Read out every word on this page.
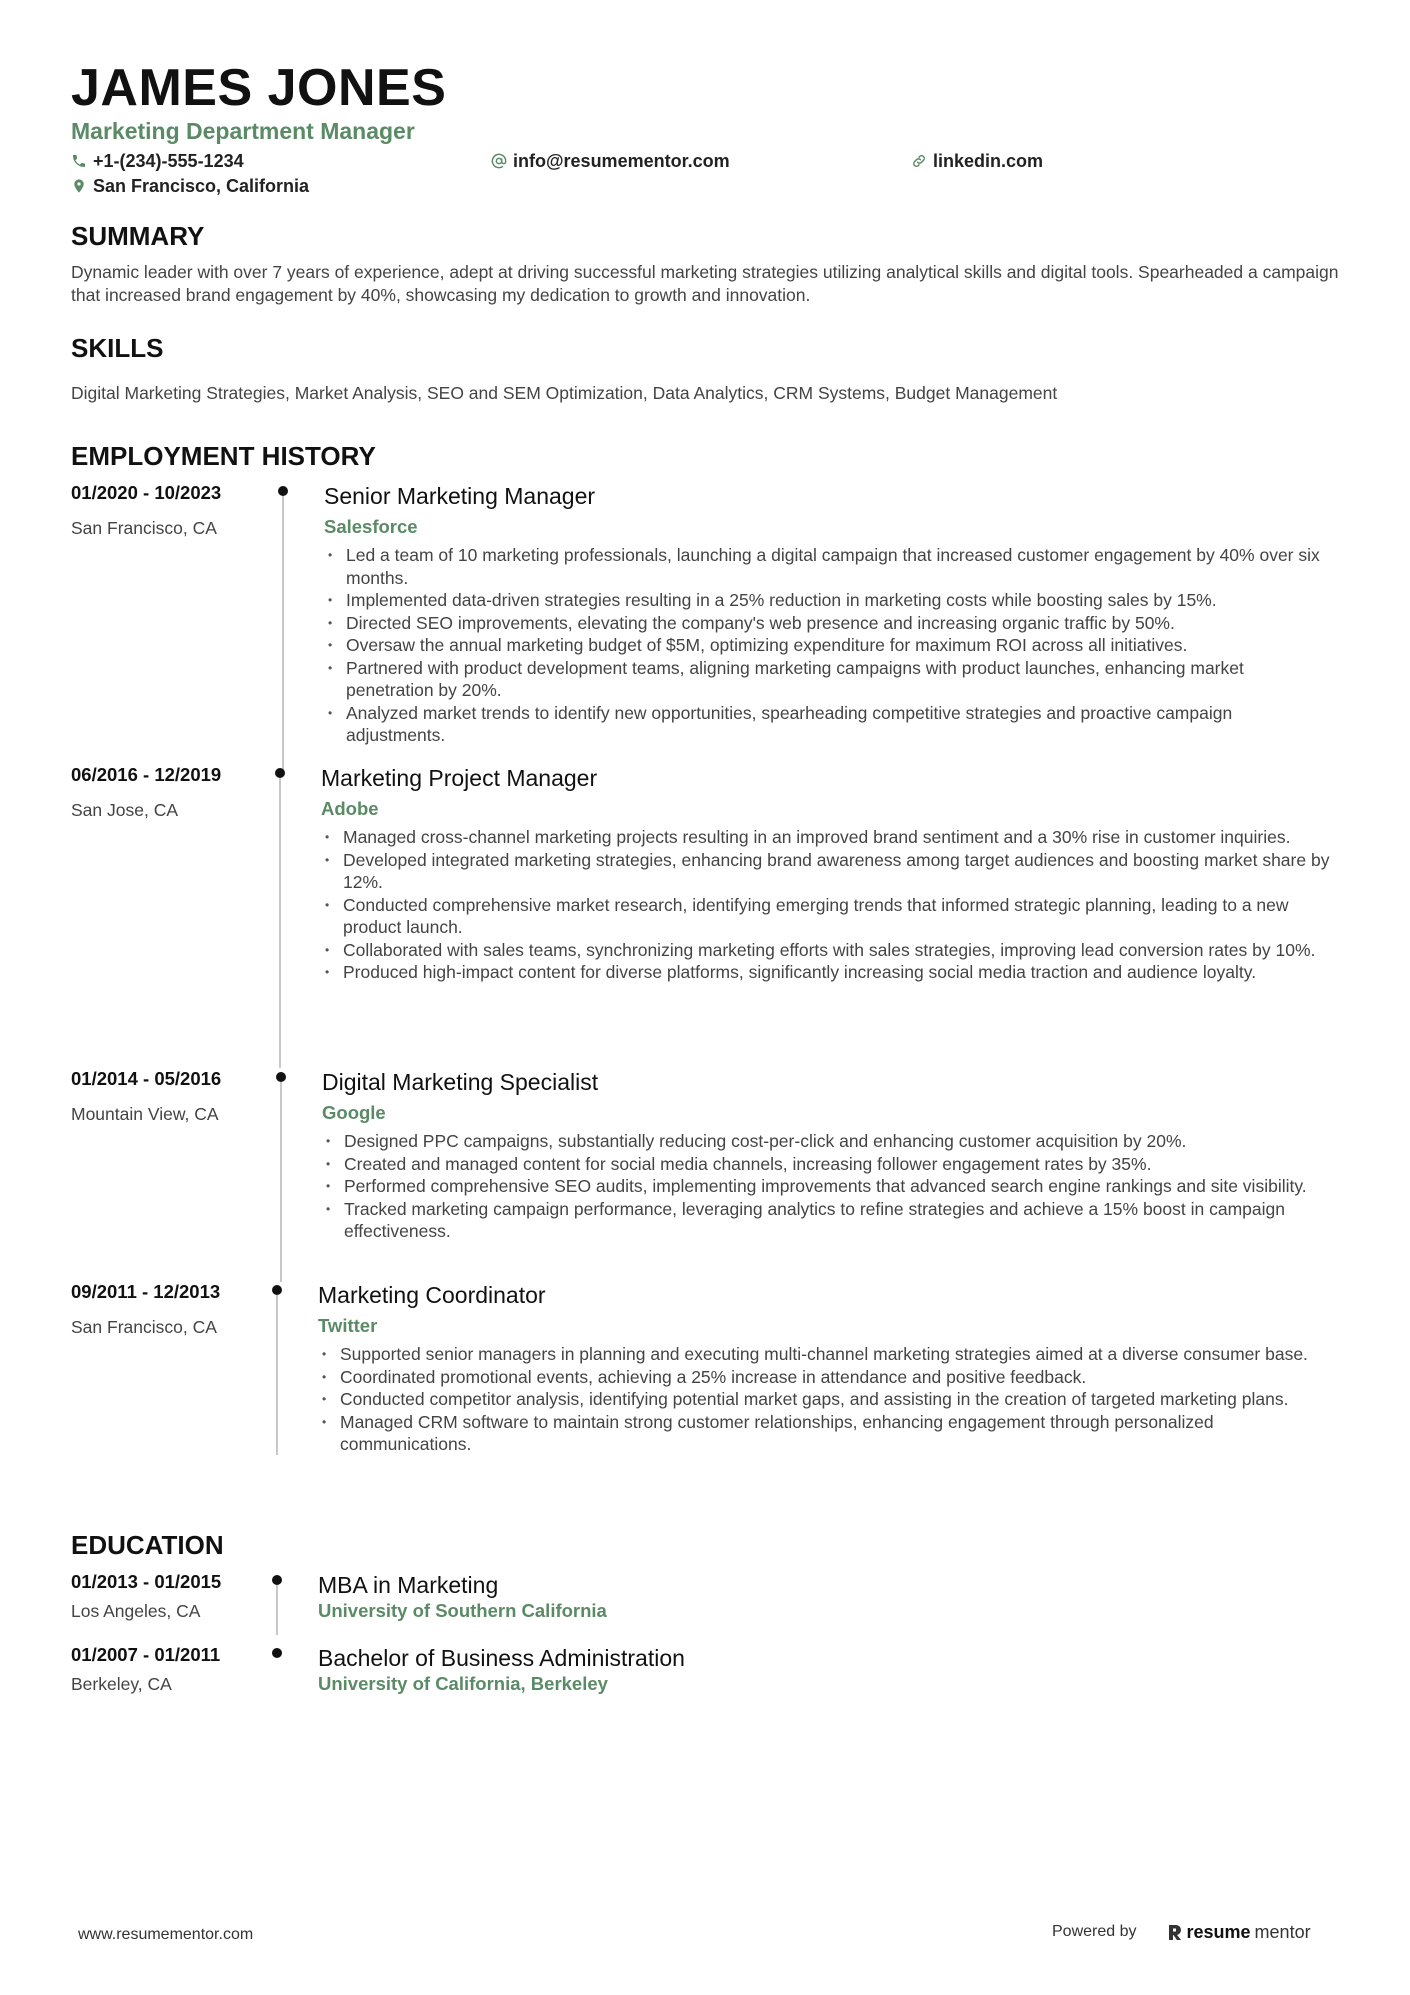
JAMES JONES
Marketing Department Manager
+1-(234)-555-1234	info@resumementor.com	linkedin.com
San Francisco, California
SUMMARY

Dynamic leader with over 7 years of experience, adept at driving successful marketing strategies utilizing analytical skills and digital tools. Spearheaded a campaign that increased brand engagement by 40%, showcasing my dedication to growth and innovation.

SKILLS

Digital Marketing Strategies, Market Analysis, SEO and SEM Optimization, Data Analytics, CRM Systems, Budget Management

EMPLOYMENT HISTORY
01/2020 - 10/2023
San Francisco, CA
Senior Marketing Manager
Salesforce
• Led a team of 10 marketing professionals, launching a digital campaign that increased customer engagement by 40% over six months.
• Implemented data-driven strategies resulting in a 25% reduction in marketing costs while boosting sales by 15%.
• Directed SEO improvements, elevating the company's web presence and increasing organic traffic by 50%.
• Oversaw the annual marketing budget of $5M, optimizing expenditure for maximum ROI across all initiatives.
• Partnered with product development teams, aligning marketing campaigns with product launches, enhancing market penetration by 20%.
• Analyzed market trends to identify new opportunities, spearheading competitive strategies and proactive campaign adjustments.
06/2016 - 12/2019
San Jose, CA
Marketing Project Manager
Adobe
• Managed cross-channel marketing projects resulting in an improved brand sentiment and a 30% rise in customer inquiries.
• Developed integrated marketing strategies, enhancing brand awareness among target audiences and boosting market share by 12%.
• Conducted comprehensive market research, identifying emerging trends that informed strategic planning, leading to a new product launch.
• Collaborated with sales teams, synchronizing marketing efforts with sales strategies, improving lead conversion rates by 10%.
• Produced high-impact content for diverse platforms, significantly increasing social media traction and audience loyalty.
01/2014 - 05/2016
Mountain View, CA
Digital Marketing Specialist
Google
• Designed PPC campaigns, substantially reducing cost-per-click and enhancing customer acquisition by 20%.
• Created and managed content for social media channels, increasing follower engagement rates by 35%.
• Performed comprehensive SEO audits, implementing improvements that advanced search engine rankings and site visibility.
• Tracked marketing campaign performance, leveraging analytics to refine strategies and achieve a 15% boost in campaign effectiveness.
09/2011 - 12/2013
San Francisco, CA
Marketing Coordinator
Twitter
• Supported senior managers in planning and executing multi-channel marketing strategies aimed at a diverse consumer base.
• Coordinated promotional events, achieving a 25% increase in attendance and positive feedback.
• Conducted competitor analysis, identifying potential market gaps, and assisting in the creation of targeted marketing plans.
• Managed CRM software to maintain strong customer relationships, enhancing engagement through personalized communications.
EDUCATION
01/2013 - 01/2015
Los Angeles, CA
MBA in Marketing
University of Southern California
01/2007 - 01/2011
Berkeley, CA
Bachelor of Business Administration
University of California, Berkeley
www.resumementor.com	Powered by	resume mentor
